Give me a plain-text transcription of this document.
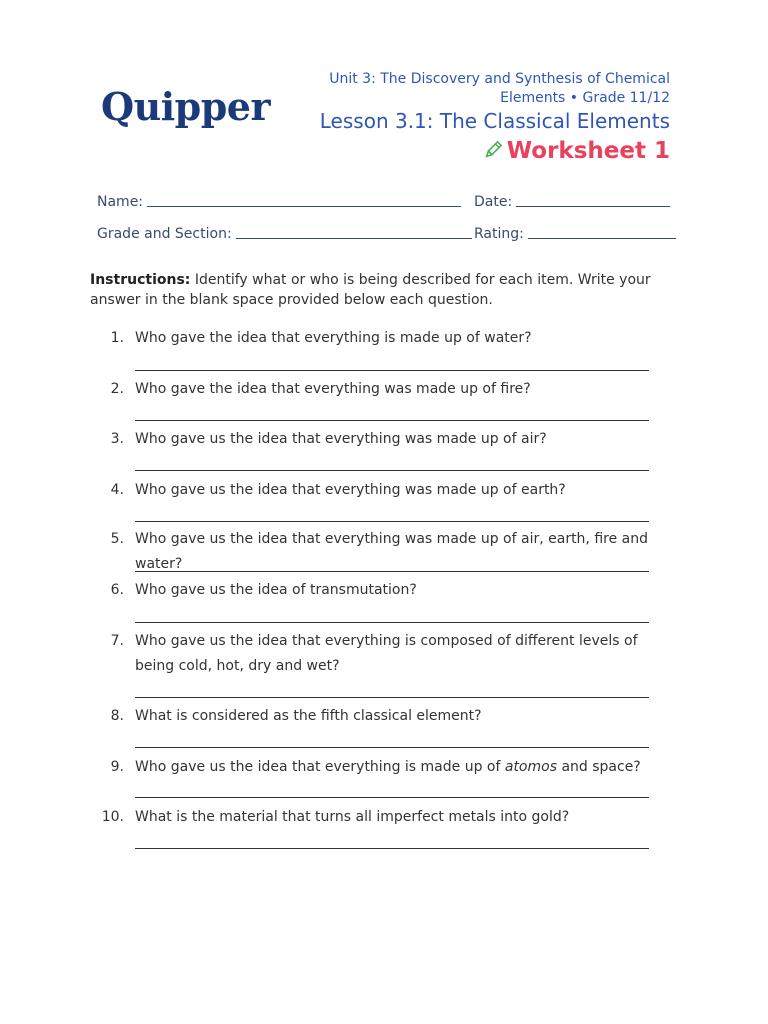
Quipper
Unit 3: The Discovery and Synthesis of Chemical
Elements • Grade 11/12
Lesson 3.1: The Classical Elements
Worksheet 1
Name:	Date:
Grade and Section:	Rating:
Instructions: Identify what or who is being described for each item. Write your answer in the blank space provided below each question.
1. Who gave the idea that everything is made up of water?
2. Who gave the idea that everything was made up of fire?
3. Who gave us the idea that everything was made up of air?
4. Who gave us the idea that everything was made up of earth?
5. Who gave us the idea that everything was made up of air, earth, fire and water?
6. Who gave us the idea of transmutation?
7. Who gave us the idea that everything is composed of different levels of being cold, hot, dry and wet?
8. What is considered as the fifth classical element?
9. Who gave us the idea that everything is made up of atomos and space?
10. What is the material that turns all imperfect metals into gold?
